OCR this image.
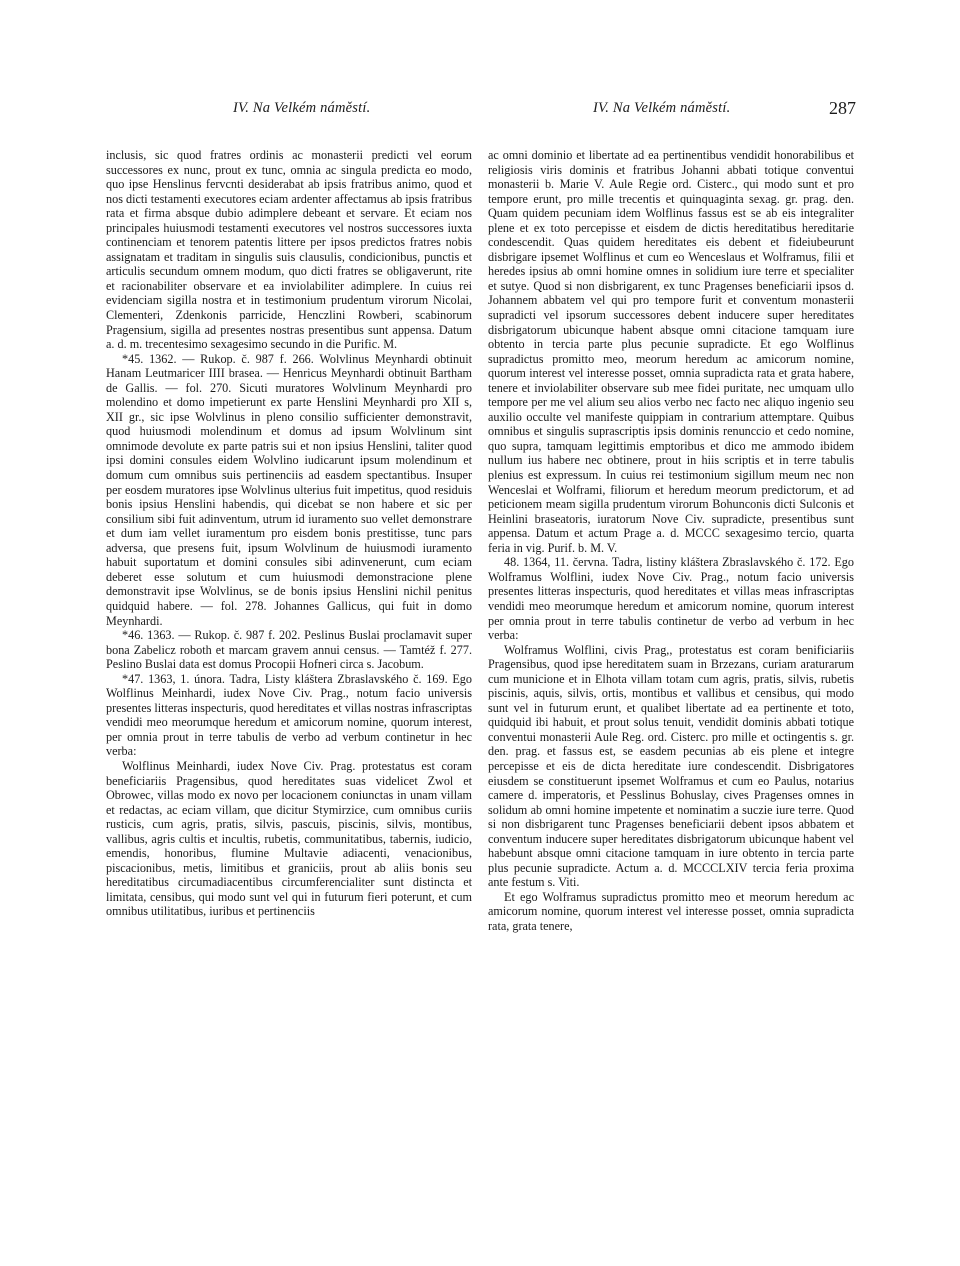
IV. Na Velkém náměstí.	IV. Na Velkém náměstí.	287

inclusis, sic quod fratres ordinis ac monasterii predicti vel eorum successores ex nunc, prout ex tunc, omnia ac singula predicta eo modo, quo ipse Henslinus fervcnti desiderabat ab ipsis fratribus animo, quod et nos dicti testamenti executores eciam ardenter affectamus ab ipsis fratribus rata et firma absque dubio adimplere debeant et servare. Et eciam nos principales huiusmodi testamenti executores vel nostros successores iuxta continenciam et tenorem patentis littere per ipsos predictos fratres nobis assignatam et traditam in singulis suis clausulis, condicionibus, punctis et articulis secundum omnem modum, quo dicti fratres se obligaverunt, rite et racionabiliter observare et ea inviolabiliter adimplere. In cuius rei evidenciam sigilla nostra et in testimonium prudentum virorum Nicolai, Clementeri, Zdenkonis parricide, Henczlini Rowberi, scabinorum Pragensium, sigilla ad presentes nostras presentibus sunt appensa. Datum a. d. m. trecentesimo sexagesimo secundo in die Purific. M.

*45. 1362. — Rukop. č. 987 f. 266. Wolvlinus Meynhardi obtinuit Hanam Leutmaricer IIII brasea. — Henricus Meynhardi obtinuit Bartham de Gallis. — fol. 270. Sicuti muratores Wolvlinum Meynhardi pro molendino et domo impetierunt ex parte Henslini Meynhardi pro XII s, XII gr., sic ipse Wolvlinus in pleno consilio sufficienter demonstravit, quod huiusmodi molendinum et domus ad ipsum Wolvlinum sint omnimode devolute ex parte patris sui et non ipsius Henslini, taliter quod ipsi domini consules eidem Wolvlino iudicarunt ipsum molendinum et domum cum omnibus suis pertinenciis ad easdem spectantibus. Insuper per eosdem muratores ipse Wolvlinus ulterius fuit impetitus, quod residuis bonis ipsius Henslini habendis, qui dicebat se non habere et sic per consilium sibi fuit adinventum, utrum id iuramento suo vellet demonstrare et dum iam vellet iuramentum pro eisdem bonis prestitisse, tunc pars adversa, que presens fuit, ipsum Wolvlinum de huiusmodi iuramento habuit suportatum et domini consules sibi adinvenerunt, cum eciam deberet esse solutum et cum huiusmodi demonstracione plene demonstravit ipse Wolvlinus, se de bonis ipsius Henslini nichil penitus quidquid habere. — fol. 278. Johannes Gallicus, qui fuit in domo Meynhardi.

*46. 1363. — Rukop. č. 987 f. 202. Peslinus Buslai proclamavit super bona Zabelicz roboth et marcam gravem annui census. — Tamtéž f. 277. Peslino Buslai data est domus Procopii Hofneri circa s. Jacobum.

*47. 1363, 1. února. Tadra, Listy kláštera Zbraslavského č. 169. Ego Wolflinus Meinhardi, iudex Nove Civ. Prag., notum facio universis presentes litteras inspecturis, quod hereditates et villas nostras infrascriptas vendidi meo meorumque heredum et amicorum nomine, quorum interest, per omnia prout in terre tabulis de verbo ad verbum continetur in hec verba:

Wolflinus Meinhardi, iudex Nove Civ. Prag. protestatus est coram beneficiariis Pragensibus, quod hereditates suas videlicet Zwol et Obrowec, villas modo ex novo per locacionem coniunctas in unam villam et redactas, ac eciam villam, que dicitur Stymirzice, cum omnibus curiis rusticis, cum agris, pratis, silvis, pascuis, piscinis, silvis, montibus, vallibus, agris cultis et incultis, rubetis, communitatibus, tabernis, iudicio, emendis, honoribus, flumine Multavie adiacenti, venacionibus, piscacionibus, metis, limitibus et graniciis, prout ab aliis bonis seu hereditatibus circumadiacentibus circumferencialiter sunt distincta et limitata, censibus, qui modo sunt vel qui in futurum fieri poterunt, et cum omnibus utilitatibus, iuribus et pertinenciis

ac omni dominio et libertate ad ea pertinentibus vendidit honorabilibus et religiosis viris dominis et fratribus Johanni abbati totique conventui monasterii b. Marie V. Aule Regie ord. Cisterc., qui modo sunt et pro tempore erunt, pro mille trecentis et quinquaginta sexag. gr. prag. den. Quam quidem pecuniam idem Wolflinus fassus est se ab eis integraliter plene et ex toto percepisse et eisdem de dictis hereditatibus hereditarie condescendit. Quas quidem hereditates eis debent et fideiubeurunt disbrigare ipsemet Wolflinus et cum eo Wenceslaus et Wolframus, filii et heredes ipsius ab omni homine omnes in solidium iure terre et specialiter et sutye. Quod si non disbrigarent, ex tunc Pragenses beneficiarii ipsos d. Johannem abbatem vel qui pro tempore furit et conventum monasterii supradicti vel ipsorum successores debent inducere super hereditates disbrigatorum ubicunque habent absque omni citacione tamquam iure obtento in tercia parte plus pecunie supradicte. Et ego Wolflinus supradictus promitto meo, meorum heredum ac amicorum nomine, quorum interest vel interesse posset, omnia supradicta rata et grata habere, tenere et inviolabiliter observare sub mee fidei puritate, nec umquam ullo tempore per me vel alium seu alios verbo nec facto nec aliquo ingenio seu auxilio occulte vel manifeste quippiam in contrarium attemptare. Quibus omnibus et singulis suprascriptis ipsis dominis renunccio et cedo nomine, quo supra, tamquam legittimis emptoribus et dico me ammodo ibidem nullum ius habere nec obtinere, prout in hiis scriptis et in terre tabulis plenius est expressum. In cuius rei testimonium sigillum meum nec non Wenceslai et Wolframi, filiorum et heredum meorum predictorum, et ad peticionem meam sigilla prudentum virorum Bohunconis dicti Sulconis et Heinlini braseatoris, iuratorum Nove Civ. supradicte, presentibus sunt appensa. Datum et actum Prage a. d. MCCC sexagesimo tercio, quarta feria in vig. Purif. b. M. V.

48. 1364, 11. června. Tadra, listiny kláštera Zbraslavského č. 172. Ego Wolframus Wolflini, iudex Nove Civ. Prag., notum facio universis presentes litteras inspecturis, quod hereditates et villas meas infrascriptas vendidi meo meorumque heredum et amicorum nomine, quorum interest per omnia prout in terre tabulis continetur de verbo ad verbum in hec verba:

Wolframus Wolflini, civis Prag,, protestatus est coram benificiariis Pragensibus, quod ipse hereditatem suam in Brzezans, curiam araturarum cum municione et in Elhota villam totam cum agris, pratis, silvis, rubetis piscinis, aquis, silvis, ortis, montibus et vallibus et censibus, qui modo sunt vel in futurum erunt, et qualibet libertate ad ea pertinente et toto, quidquid ibi habuit, et prout solus tenuit, vendidit dominis abbati totique conventui monasterii Aule Reg. ord. Cisterc. pro mille et octingentis s. gr. den. prag. et fassus est, se easdem pecunias ab eis plene et integre percepisse et eis de dicta hereditate iure condescendit. Disbrigatores eiusdem se constituerunt ipsemet Wolframus et cum eo Paulus, notarius camere d. imperatoris, et Pesslinus Bohuslay, cives Pragenses omnes in solidum ab omni homine impetente et nominatim a suczie iure terre. Quod si non disbrigarent tunc Pragenses beneficiarii debent ipsos abbatem et conventum inducere super hereditates disbrigatorum ubicunque habent vel habebunt absque omni citacione tamquam in iure obtento in tercia parte plus pecunie supradicte. Actum a. d. MCCCLXIV tercia feria proxima ante festum s. Viti.

Et ego Wolframus supradictus promitto meo et meorum heredum ac amicorum nomine, quorum interest vel interesse posset, omnia supradicta rata, grata tenere,
